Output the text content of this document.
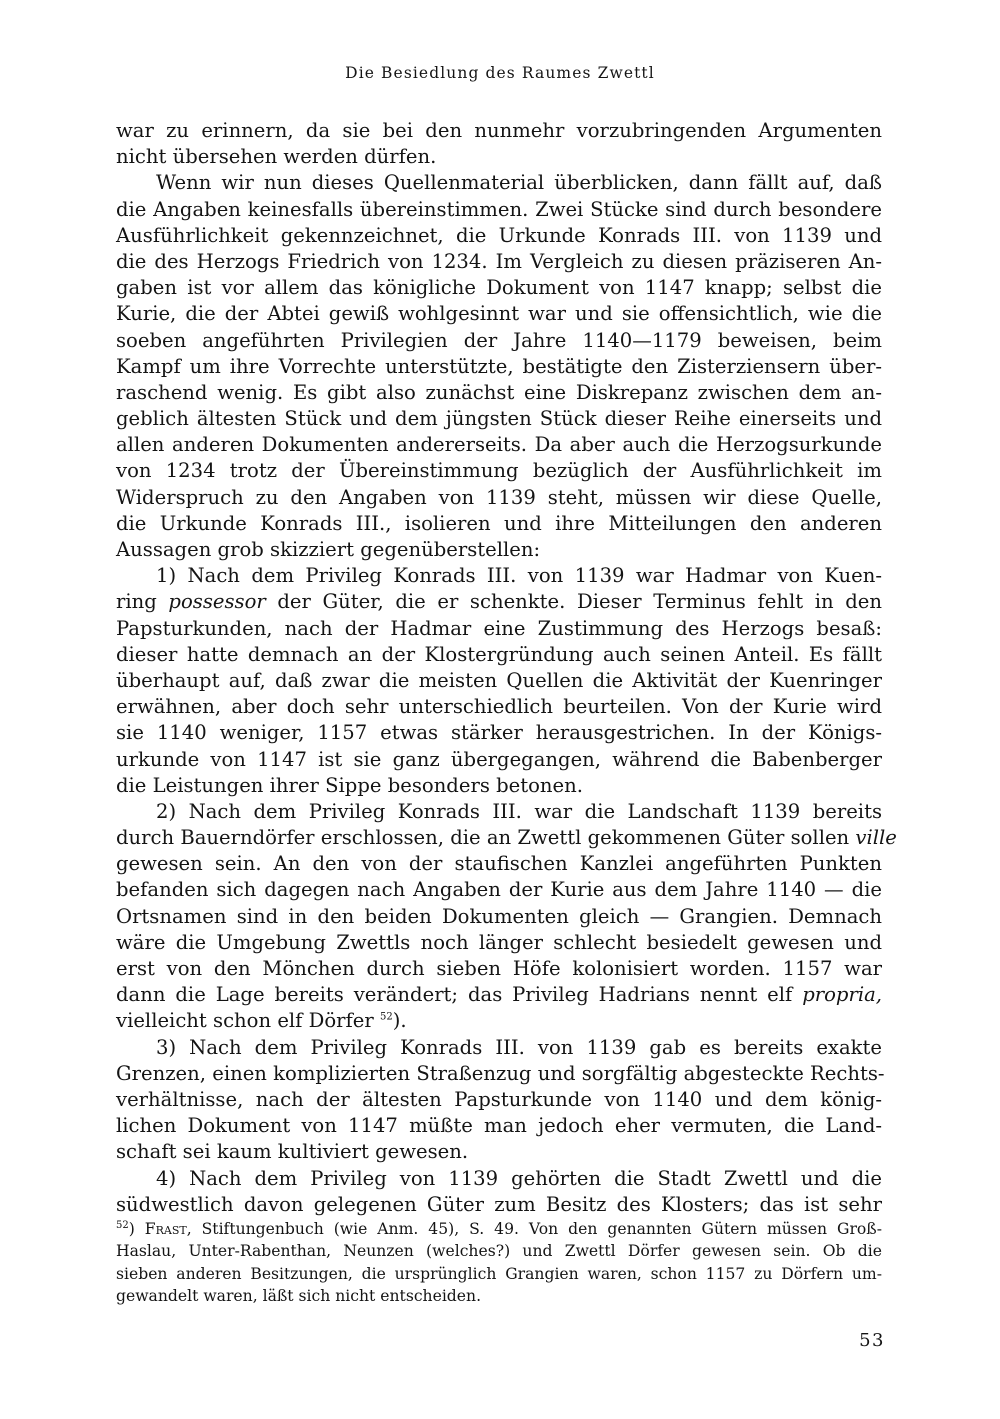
Die Besiedlung des Raumes Zwettl
war zu erinnern, da sie bei den nunmehr vorzubringenden Argumenten
nicht übersehen werden dürfen.
Wenn wir nun dieses Quellenmaterial überblicken, dann fällt auf, daß
die Angaben keinesfalls übereinstimmen. Zwei Stücke sind durch besondere
Ausführlichkeit gekennzeichnet, die Urkunde Konrads III. von 1139 und
die des Herzogs Friedrich von 1234. Im Vergleich zu diesen präziseren An-
gaben ist vor allem das königliche Dokument von 1147 knapp; selbst die
Kurie, die der Abtei gewiß wohlgesinnt war und sie offensichtlich, wie die
soeben angeführten Privilegien der Jahre 1140—1179 beweisen, beim
Kampf um ihre Vorrechte unterstützte, bestätigte den Zisterziensern über-
raschend wenig. Es gibt also zunächst eine Diskrepanz zwischen dem an-
geblich ältesten Stück und dem jüngsten Stück dieser Reihe einerseits und
allen anderen Dokumenten andererseits. Da aber auch die Herzogsurkunde
von 1234 trotz der Übereinstimmung bezüglich der Ausführlichkeit im
Widerspruch zu den Angaben von 1139 steht, müssen wir diese Quelle,
die Urkunde Konrads III., isolieren und ihre Mitteilungen den anderen
Aussagen grob skizziert gegenüberstellen:
1) Nach dem Privileg Konrads III. von 1139 war Hadmar von Kuen-
ring possessor der Güter, die er schenkte. Dieser Terminus fehlt in den
Papsturkunden, nach der Hadmar eine Zustimmung des Herzogs besaß:
dieser hatte demnach an der Klostergründung auch seinen Anteil. Es fällt
überhaupt auf, daß zwar die meisten Quellen die Aktivität der Kuenringer
erwähnen, aber doch sehr unterschiedlich beurteilen. Von der Kurie wird
sie 1140 weniger, 1157 etwas stärker herausgestrichen. In der Königs-
urkunde von 1147 ist sie ganz übergegangen, während die Babenberger
die Leistungen ihrer Sippe besonders betonen.
2) Nach dem Privileg Konrads III. war die Landschaft 1139 bereits
durch Bauerndörfer erschlossen, die an Zwettl gekommenen Güter sollen ville
gewesen sein. An den von der staufischen Kanzlei angeführten Punkten
befanden sich dagegen nach Angaben der Kurie aus dem Jahre 1140 — die
Ortsnamen sind in den beiden Dokumenten gleich — Grangien. Demnach
wäre die Umgebung Zwettls noch länger schlecht besiedelt gewesen und
erst von den Mönchen durch sieben Höfe kolonisiert worden. 1157 war
dann die Lage bereits verändert; das Privileg Hadrians nennt elf propria,
vielleicht schon elf Dörfer $^{52}$).
3) Nach dem Privileg Konrads III. von 1139 gab es bereits exakte
Grenzen, einen komplizierten Straßenzug und sorgfältig abgesteckte Rechts-
verhältnisse, nach der ältesten Papsturkunde von 1140 und dem könig-
lichen Dokument von 1147 müßte man jedoch eher vermuten, die Land-
schaft sei kaum kultiviert gewesen.
4) Nach dem Privileg von 1139 gehörten die Stadt Zwettl und die
südwestlich davon gelegenen Güter zum Besitz des Klosters; das ist sehr
$^{52}$) Frast, Stiftungenbuch (wie Anm. 45), S. 49. Von den genannten Gütern müssen Groß-
Haslau, Unter-Rabenthan, Neunzen (welches?) und Zwettl Dörfer gewesen sein. Ob die
sieben anderen Besitzungen, die ursprünglich Grangien waren, schon 1157 zu Dörfern um-
gewandelt waren, läßt sich nicht entscheiden.
53
